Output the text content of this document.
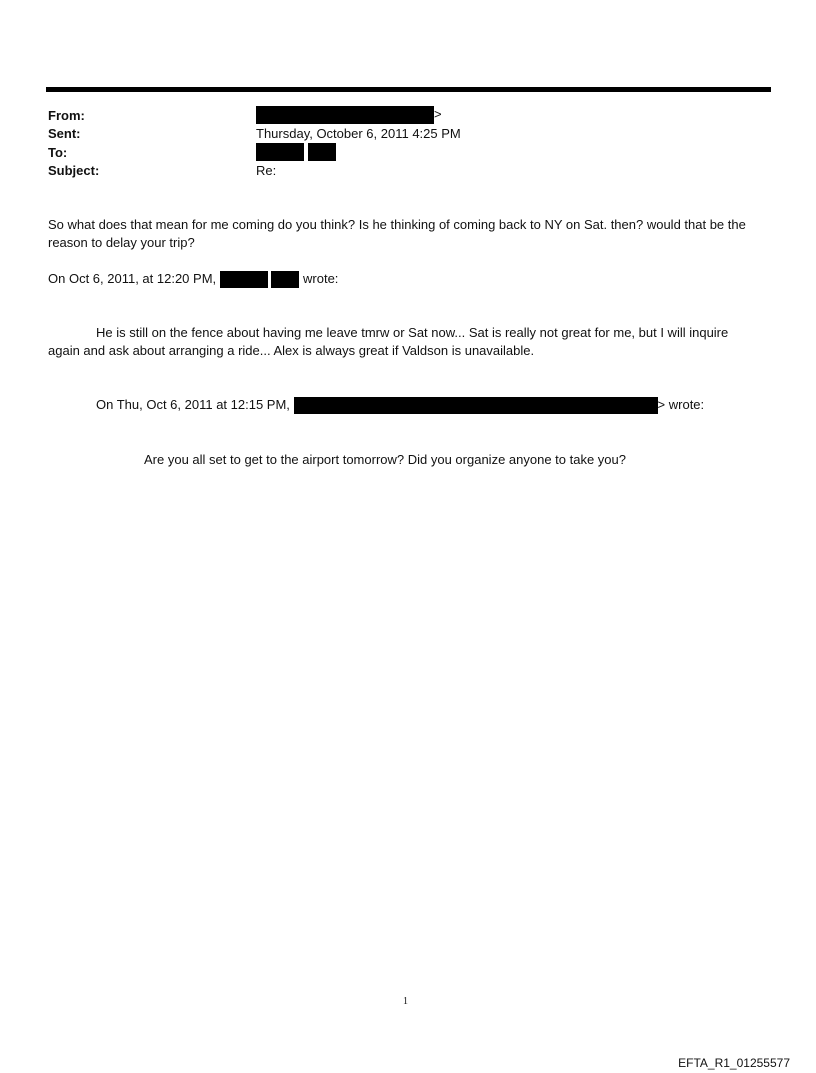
From:	>
Sent:	Thursday, October 6, 2011 4:25 PM
To:

Subject:	Re:
So what does that mean for me coming do you think? Is he thinking of coming back to NY on Sat. then? would that be the reason to delay your trip?
On Oct 6, 2011, at 12:20 PM,	wrote:
He is still on the fence about having me leave tmrw or Sat now... Sat is really not great for me, but I will inquire again and ask about arranging a ride... Alex is always great if Valdson is unavailable.
On Thu, Oct 6, 2011 at 12:15 PM,	> wrote:
Are you all set to get to the airport tomorrow? Did you organize anyone to take you?
1
EFTA_R1_01255577
